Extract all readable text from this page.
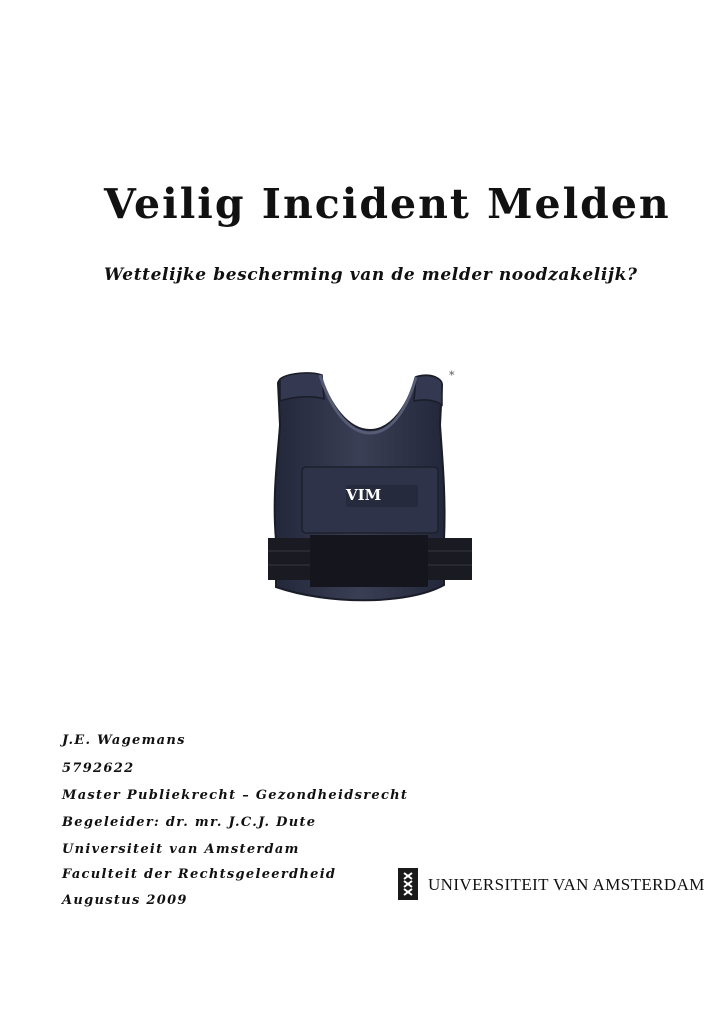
Veilig Incident Melden
Wettelijke bescherming van de melder noodzakelijk?
VIM
*
J.E. Wagemans
5792622
Master Publiekrecht – Gezondheidsrecht
Begeleider: dr. mr. J.C.J. Dute
Universiteit van Amsterdam
Faculteit der Rechtsgeleerdheid
Augustus 2009
UNIVERSITEIT VAN AMSTERDAM
